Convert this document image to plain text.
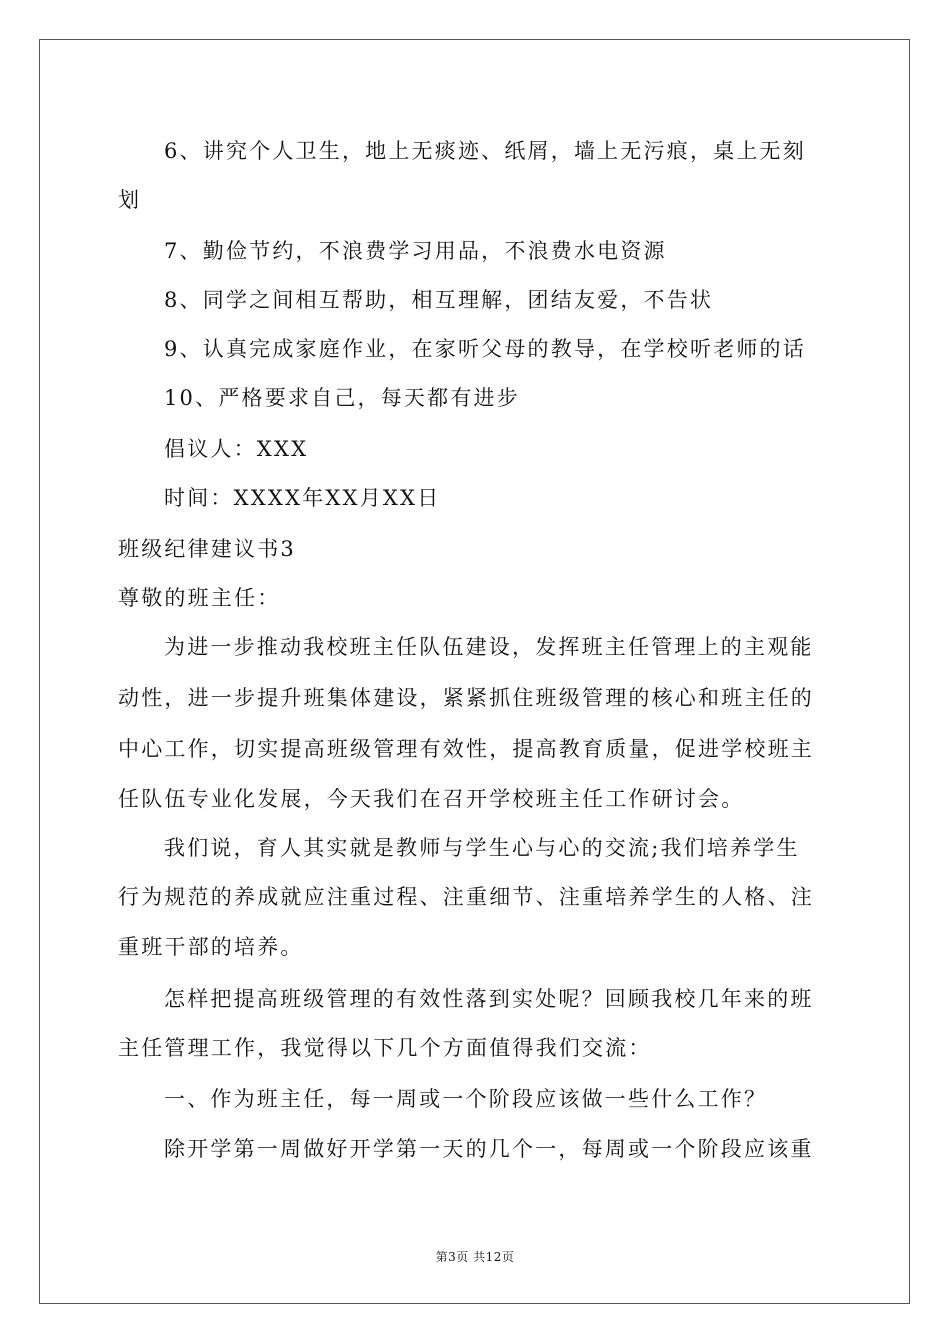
6、讲究个人卫生，地上无痰迹、纸屑，墙上无污痕，桌上无刻
划
7、勤俭节约，不浪费学习用品，不浪费水电资源
8、同学之间相互帮助，相互理解，团结友爱，不告状
9、认真完成家庭作业，在家听父母的教导，在学校听老师的话
10、严格要求自己，每天都有进步
倡议人：XXX
时间：XXXX年XX月XX日
班级纪律建议书3
尊敬的班主任：
为进一步推动我校班主任队伍建设，发挥班主任管理上的主观能
动性，进一步提升班集体建设，紧紧抓住班级管理的核心和班主任的
中心工作，切实提高班级管理有效性，提高教育质量，促进学校班主
任队伍专业化发展，今天我们在召开学校班主任工作研讨会。
我们说，育人其实就是教师与学生心与心的交流;我们培养学生
行为规范的养成就应注重过程、注重细节、注重培养学生的人格、注
重班干部的培养。
怎样把提高班级管理的有效性落到实处呢？回顾我校几年来的班
主任管理工作，我觉得以下几个方面值得我们交流：
一、作为班主任，每一周或一个阶段应该做一些什么工作？
除开学第一周做好开学第一天的几个一，每周或一个阶段应该重
第3页 共12页
